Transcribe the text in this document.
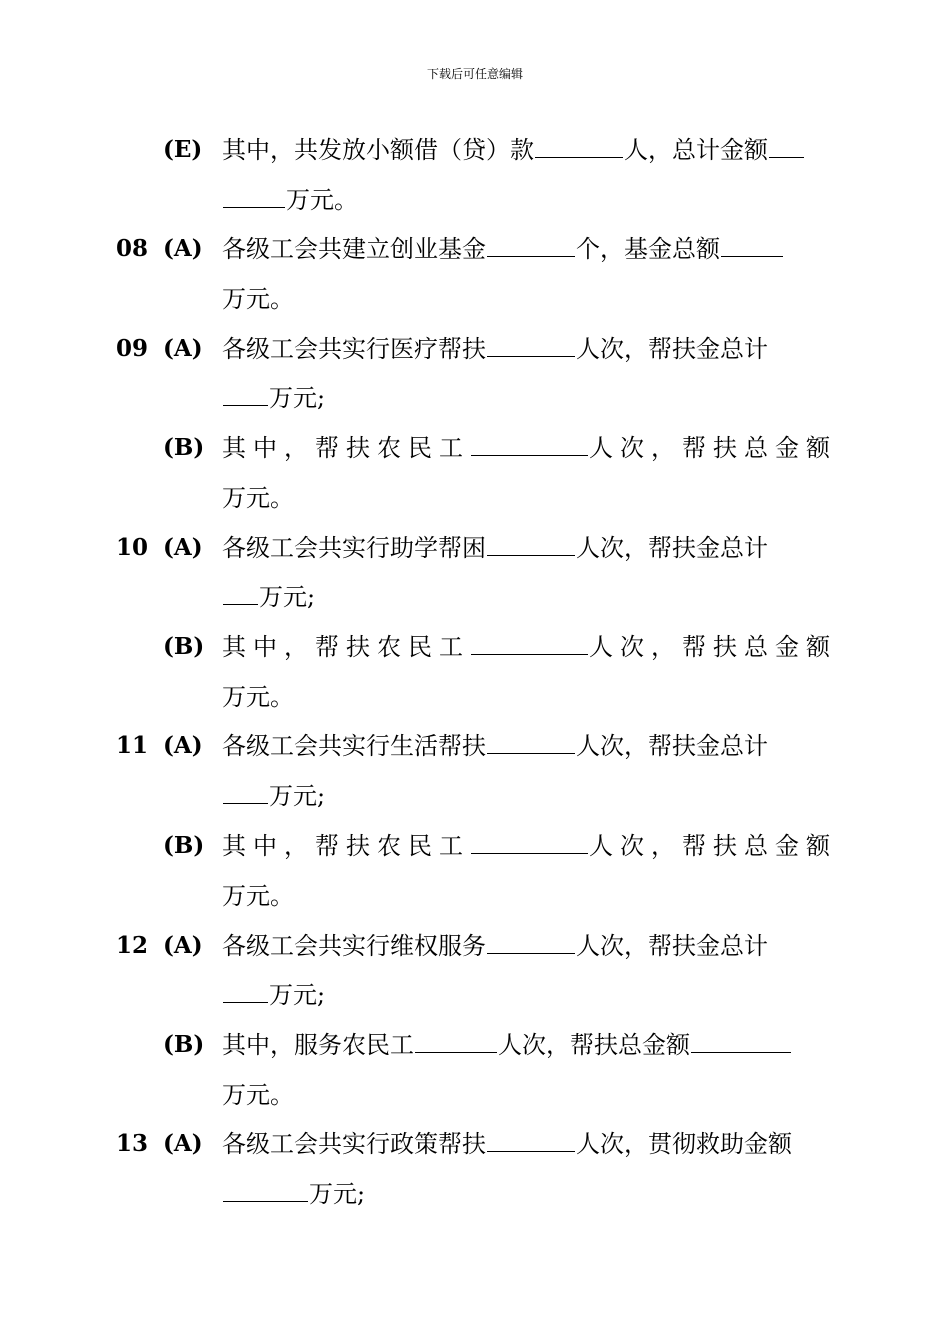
下载后可任意编辑
(E) 其中，共发放小额借（贷）款	人，总计金额
万元。
08 (A) 各级工会共建立创业基金	个，基金总额
万元。
09 (A) 各级工会共实行医疗帮扶	人次，帮扶金总计
万元;
(B) 其中，帮扶农民工	人次，帮扶总金额
万元。
10 (A) 各级工会共实行助学帮困	人次，帮扶金总计
万元;
(B) 其中，帮扶农民工	人次，帮扶总金额
万元。
11 (A) 各级工会共实行生活帮扶	人次，帮扶金总计
万元;
(B) 其中，帮扶农民工	人次，帮扶总金额
万元。
12 (A) 各级工会共实行维权服务	人次，帮扶金总计
万元;
(B) 其中，服务农民工	人次，帮扶总金额
万元。
13 (A) 各级工会共实行政策帮扶	人次，贯彻救助金额
万元;
